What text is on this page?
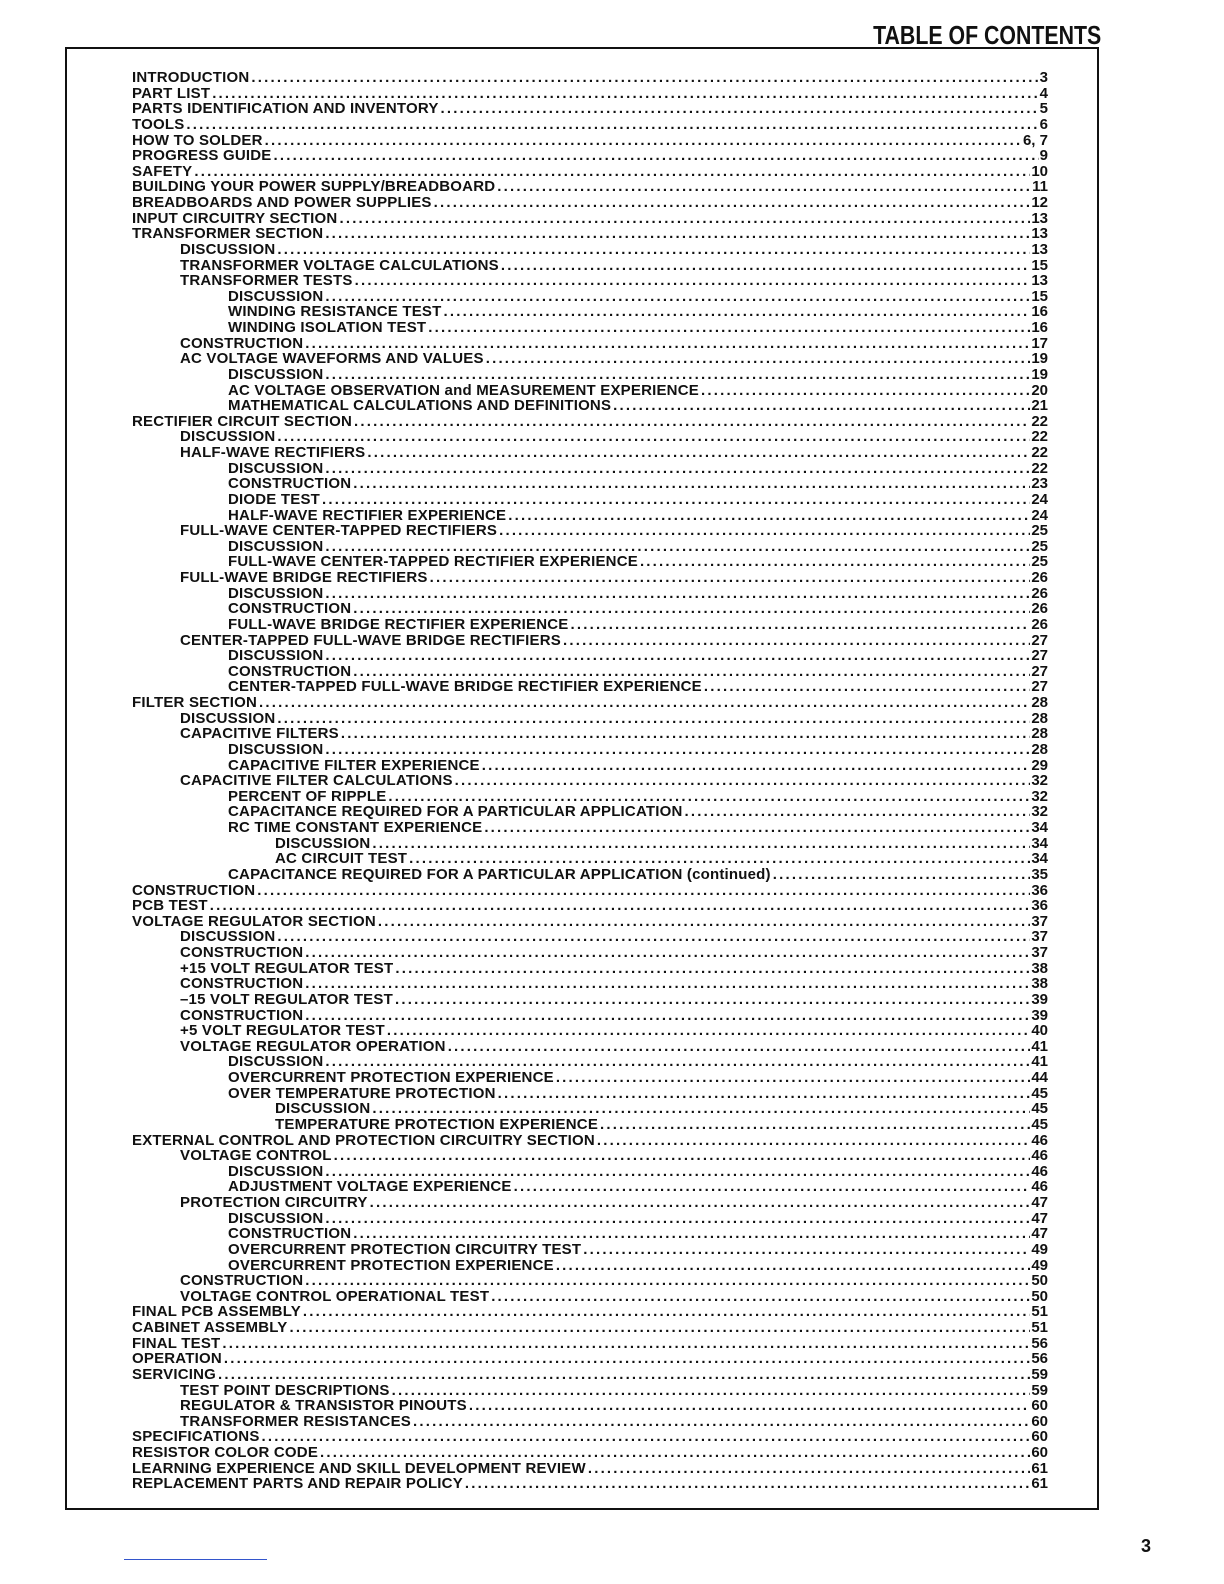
TABLE OF CONTENTS
INTRODUCTION .....	3
PART LIST .....	4
PARTS IDENTIFICATION AND INVENTORY .....	5
TOOLS .....	6
HOW TO SOLDER .....	6, 7
PROGRESS GUIDE .....	9
SAFETY .....	10
BUILDING YOUR POWER SUPPLY/BREADBOARD .....	11
BREADBOARDS AND POWER SUPPLIES .....	12
INPUT CIRCUITRY SECTION .....	13
TRANSFORMER SECTION .....	13
DISCUSSION .....	13
TRANSFORMER VOLTAGE CALCULATIONS .....	15
TRANSFORMER TESTS .....	13
DISCUSSION .....	15
WINDING RESISTANCE TEST .....	16
WINDING ISOLATION TEST .....	16
CONSTRUCTION .....	17
AC VOLTAGE WAVEFORMS AND VALUES .....	19
DISCUSSION .....	19
AC VOLTAGE OBSERVATION and MEASUREMENT EXPERIENCE .....	20
MATHEMATICAL CALCULATIONS AND DEFINITIONS .....	21
RECTIFIER CIRCUIT SECTION .....	22
DISCUSSION .....	22
HALF-WAVE RECTIFIERS .....	22
DISCUSSION .....	22
CONSTRUCTION .....	23
DIODE TEST .....	24
HALF-WAVE RECTIFIER EXPERIENCE .....	24
FULL-WAVE CENTER-TAPPED RECTIFIERS .....	25
DISCUSSION .....	25
FULL-WAVE CENTER-TAPPED RECTIFIER EXPERIENCE .....	25
FULL-WAVE BRIDGE RECTIFIERS .....	26
DISCUSSION .....	26
CONSTRUCTION .....	26
FULL-WAVE BRIDGE RECTIFIER EXPERIENCE .....	26
CENTER-TAPPED FULL-WAVE BRIDGE RECTIFIERS .....	27
DISCUSSION .....	27
CONSTRUCTION .....	27
CENTER-TAPPED FULL-WAVE BRIDGE RECTIFIER EXPERIENCE .....	27
FILTER SECTION .....	28
DISCUSSION .....	28
CAPACITIVE FILTERS .....	28
DISCUSSION .....	28
CAPACITIVE FILTER EXPERIENCE .....	29
CAPACITIVE FILTER CALCULATIONS .....	32
PERCENT OF RIPPLE .....	32
CAPACITANCE REQUIRED FOR A PARTICULAR APPLICATION .....	32
RC TIME CONSTANT EXPERIENCE .....	34
DISCUSSION .....	34
AC CIRCUIT TEST .....	34
CAPACITANCE REQUIRED FOR A PARTICULAR APPLICATION (continued) .....	35
CONSTRUCTION .....	36
PCB TEST .....	36
VOLTAGE REGULATOR SECTION .....	37
DISCUSSION .....	37
CONSTRUCTION .....	37
+15 VOLT REGULATOR TEST .....	38
CONSTRUCTION .....	38
–15 VOLT REGULATOR TEST .....	39
CONSTRUCTION .....	39
+5 VOLT REGULATOR TEST .....	40
VOLTAGE REGULATOR OPERATION .....	41
DISCUSSION .....	41
OVERCURRENT PROTECTION EXPERIENCE .....	44
OVER TEMPERATURE PROTECTION .....	45
DISCUSSION .....	45
TEMPERATURE PROTECTION EXPERIENCE .....	45
EXTERNAL CONTROL AND PROTECTION CIRCUITRY SECTION .....	46
VOLTAGE CONTROL .....	46
DISCUSSION .....	46
ADJUSTMENT VOLTAGE EXPERIENCE .....	46
PROTECTION CIRCUITRY .....	47
DISCUSSION .....	47
CONSTRUCTION .....	47
OVERCURRENT PROTECTION CIRCUITRY TEST .....	49
OVERCURRENT PROTECTION EXPERIENCE .....	49
CONSTRUCTION .....	50
VOLTAGE CONTROL OPERATIONAL TEST .....	50
FINAL PCB ASSEMBLY .....	51
CABINET ASSEMBLY .....	51
FINAL TEST .....	56
OPERATION .....	56
SERVICING .....	59
TEST POINT DESCRIPTIONS .....	59
REGULATOR & TRANSISTOR PINOUTS .....	60
TRANSFORMER RESISTANCES .....	60
SPECIFICATIONS .....	60
RESISTOR COLOR CODE .....	60
LEARNING EXPERIENCE AND SKILL DEVELOPMENT REVIEW .....	61
REPLACEMENT PARTS AND REPAIR POLICY .....	61

3
